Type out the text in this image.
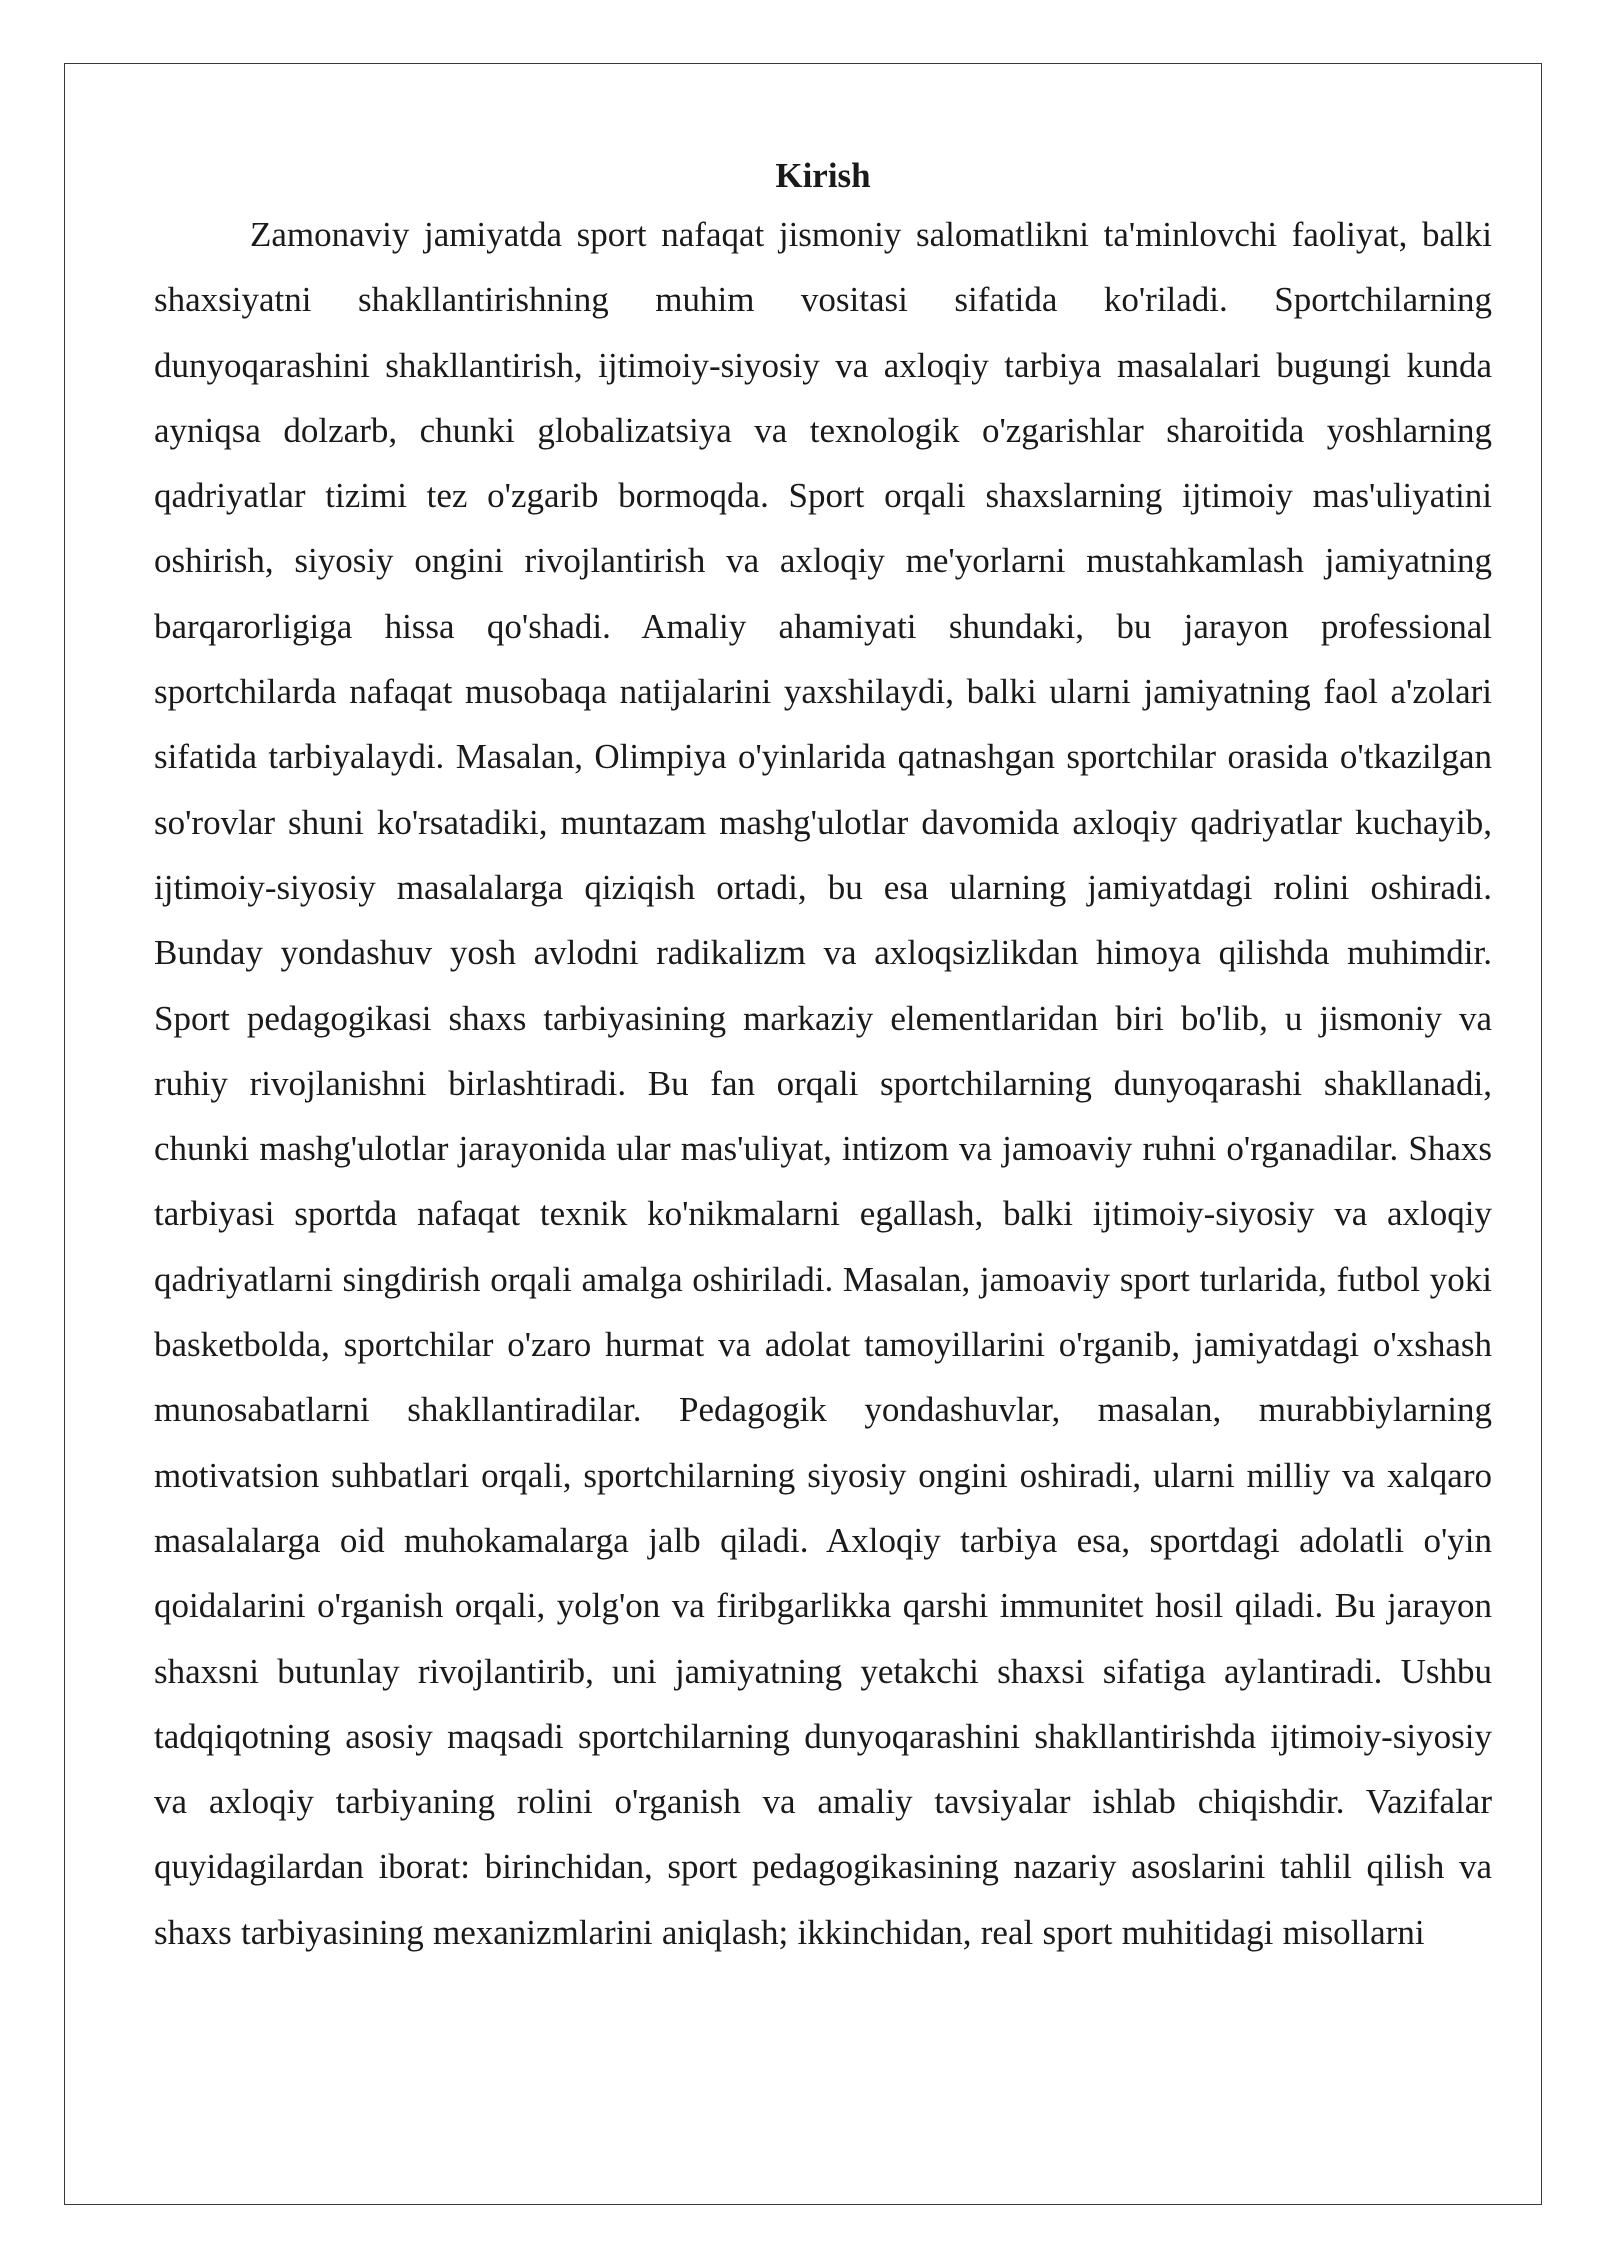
Kirish

Zamonaviy jamiyatda sport nafaqat jismoniy salomatlikni ta'minlovchi faoliyat, balki shaxsiyatni shakllantirishning muhim vositasi sifatida ko'riladi. Sportchilarning dunyoqarashini shakllantirish, ijtimoiy-siyosiy va axloqiy tarbiya masalalari bugungi kunda ayniqsa dolzarb, chunki globalizatsiya va texnologik o'zgarishlar sharoitida yoshlarning qadriyatlar tizimi tez o'zgarib bormoqda. Sport orqali shaxslarning ijtimoiy mas'uliyatini oshirish, siyosiy ongini rivojlantirish va axloqiy me'yorlarni mustahkamlash jamiyatning barqarorligiga hissa qo'shadi. Amaliy ahamiyati shundaki, bu jarayon professional sportchilarda nafaqat musobaqa natijalarini yaxshilaydi, balki ularni jamiyatning faol a'zolari sifatida tarbiyalaydi. Masalan, Olimpiya o'yinlarida qatnashgan sportchilar orasida o'tkazilgan so'rovlar shuni ko'rsatadiki, muntazam mashg'ulotlar davomida axloqiy qadriyatlar kuchayib, ijtimoiy-siyosiy masalalarga qiziqish ortadi, bu esa ularning jamiyatdagi rolini oshiradi. Bunday yondashuv yosh avlodni radikalizm va axloqsizlikdan himoya qilishda muhimdir. Sport pedagogikasi shaxs tarbiyasining markaziy elementlaridan biri bo'lib, u jismoniy va ruhiy rivojlanishni birlashtiradi. Bu fan orqali sportchilarning dunyoqarashi shakllanadi, chunki mashg'ulotlar jarayonida ular mas'uliyat, intizom va jamoaviy ruhni o'rganadilar. Shaxs tarbiyasi sportda nafaqat texnik ko'nikmalarni egallash, balki ijtimoiy-siyosiy va axloqiy qadriyatlarni singdirish orqali amalga oshiriladi. Masalan, jamoaviy sport turlarida, futbol yoki basketbolda, sportchilar o'zaro hurmat va adolat tamoyillarini o'rganib, jamiyatdagi o'xshash munosabatlarni shakllantiradilar. Pedagogik yondashuvlar, masalan, murabbiylarning motivatsion suhbatlari orqali, sportchilarning siyosiy ongini oshiradi, ularni milliy va xalqaro masalalarga oid muhokamalarga jalb qiladi. Axloqiy tarbiya esa, sportdagi adolatli o'yin qoidalarini o'rganish orqali, yolg'on va firibgarlikka qarshi immunitet hosil qiladi. Bu jarayon shaxsni butunlay rivojlantirib, uni jamiyatning yetakchi shaxsi sifatiga aylantiradi. Ushbu tadqiqotning asosiy maqsadi sportchilarning dunyoqarashini shakllantirishda ijtimoiy-siyosiy va axloqiy tarbiyaning rolini o'rganish va amaliy tavsiyalar ishlab chiqishdir. Vazifalar quyidagilardan iborat: birinchidan, sport pedagogikasining nazariy asoslarini tahlil qilish va shaxs tarbiyasining mexanizmlarini aniqlash; ikkinchidan, real sport muhitidagi misollarni
